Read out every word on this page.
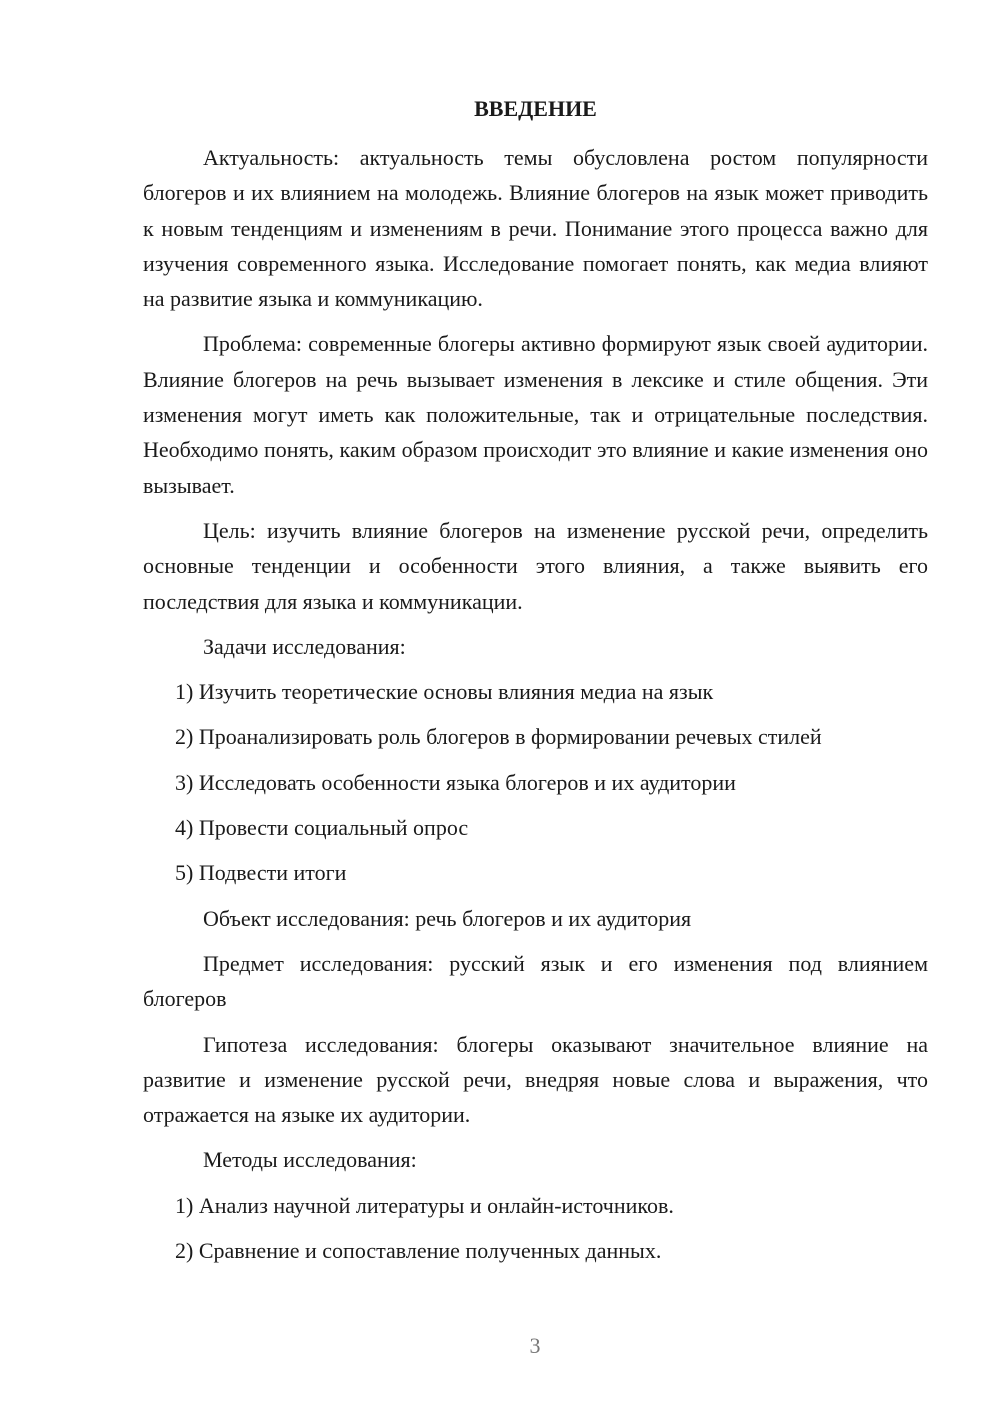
ВВЕДЕНИЕ

Актуальность: актуальность темы обусловлена ростом популярности блогеров и их влиянием на молодежь. Влияние блогеров на язык может приводить к новым тенденциям и изменениям в речи. Понимание этого процесса важно для изучения современного языка. Исследование помогает понять, как медиа влияют на развитие языка и коммуникацию.

Проблема: современные блогеры активно формируют язык своей аудитории. Влияние блогеров на речь вызывает изменения в лексике и стиле общения. Эти изменения могут иметь как положительные, так и отрицательные последствия. Необходимо понять, каким образом происходит это влияние и какие изменения оно вызывает.

Цель: изучить влияние блогеров на изменение русской речи, определить основные тенденции и особенности этого влияния, а также выявить его последствия для языка и коммуникации.

Задачи исследования:

1) Изучить теоретические основы влияния медиа на язык

2) Проанализировать роль блогеров в формировании речевых стилей

3) Исследовать особенности языка блогеров и их аудитории

4) Провести социальный опрос

5) Подвести итоги

Объект исследования: речь блогеров и их аудитория

Предмет исследования: русский язык и его изменения под влиянием блогеров

Гипотеза исследования: блогеры оказывают значительное влияние на развитие и изменение русской речи, внедряя новые слова и выражения, что отражается на языке их аудитории.

Методы исследования:

1) Анализ научной литературы и онлайн-источников.

2) Сравнение и сопоставление полученных данных.

3
